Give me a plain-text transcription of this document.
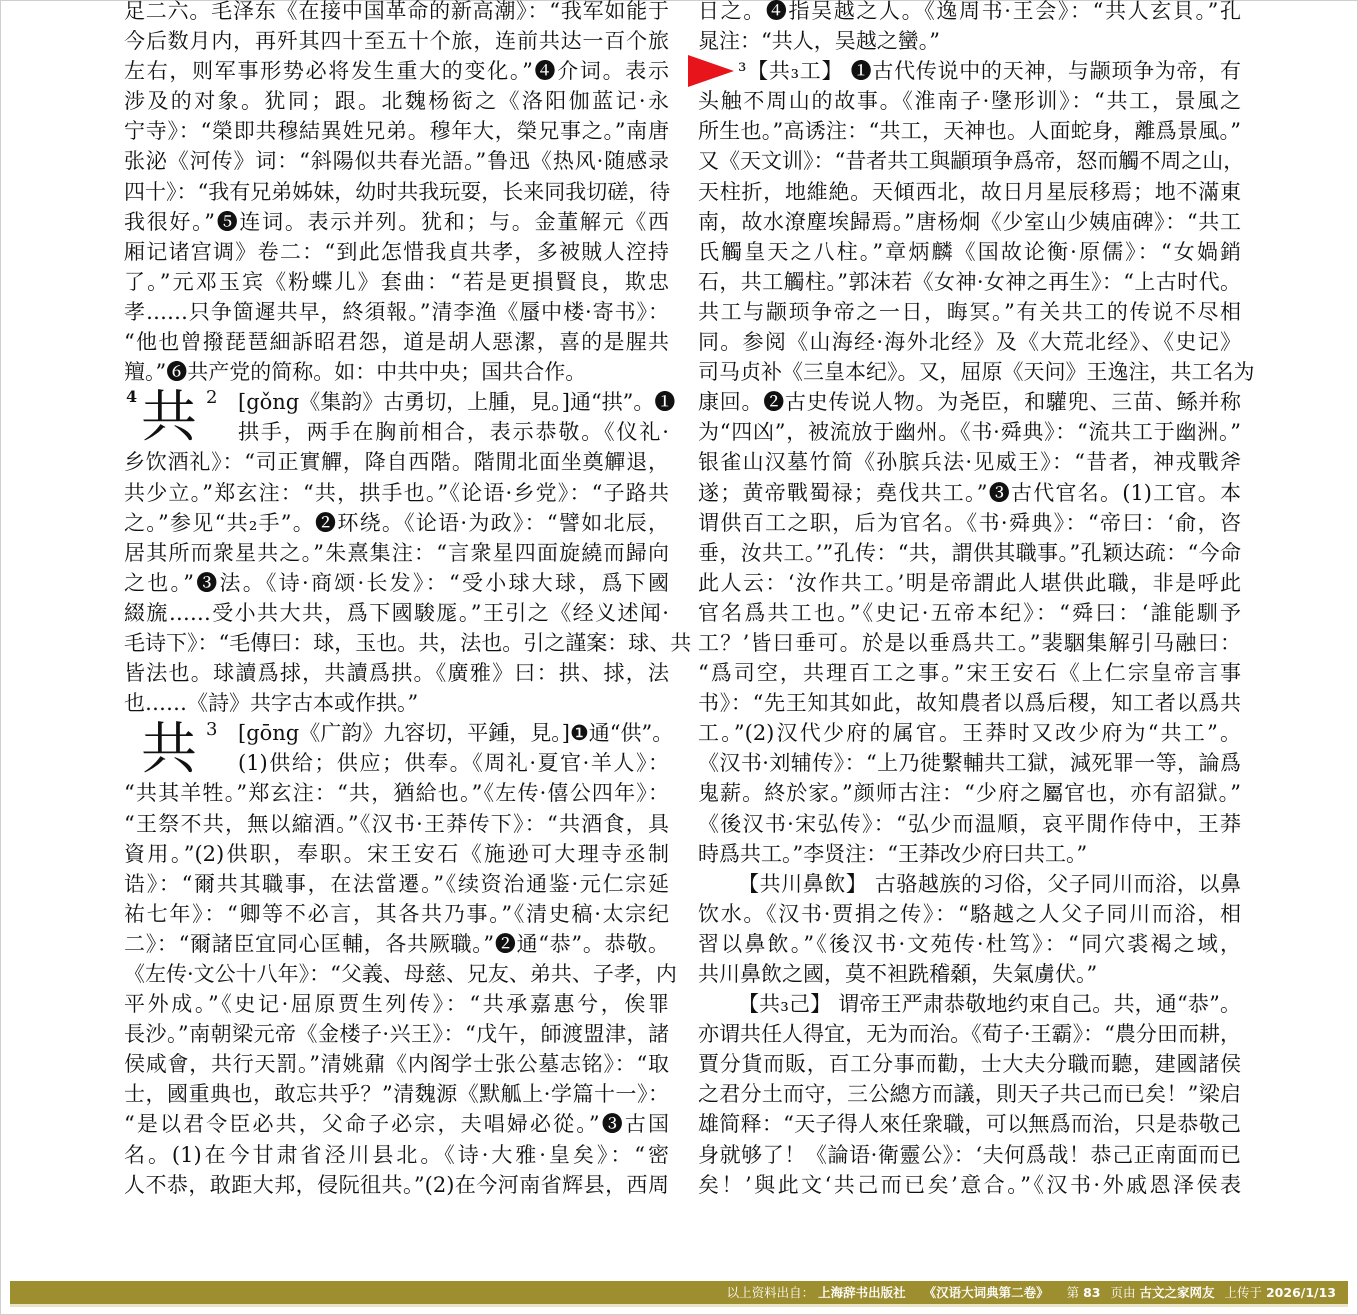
足二六。毛泽东《在接中国革命的新高潮》：“我军如能于
今后数月内，再歼其四十至五十个旅，连前共达一百个旅
左右，则军事形势必将发生重大的变化。”❹介词。表示
涉及的对象。犹同；跟。北魏杨衒之《洛阳伽蓝记·永
宁寺》：“榮即共穆結異姓兄弟。穆年大，榮兄事之。”南唐
张泌《河传》词：“斜陽似共春光語。”鲁迅《热风·随感录
四十》：“我有兄弟姊妹，幼时共我玩耍，长来同我切磋，待
我很好。”❺连词。表示并列。犹和；与。金董解元《西
厢记诸宫调》卷二：“到此怎惜我貞共孝，多被賊人涳持
了。”元邓玉宾《粉蝶儿》套曲：“若是更損賢良，欺忠
孝……只争箇遲共早，終須報。”清李渔《蜃中楼·寄书》：
“他也曾撥琵琶細訴昭君怨，道是胡人惡潔，喜的是腥共
羶。”❻共产党的简称。如：中共中央；国共合作。
[gǒng《集韵》古勇切，上腫，見。]通“拱”。❶
拱手，两手在胸前相合，表示恭敬。《仪礼·
乡饮酒礼》：“司正實觶，降自西階。階閒北面坐奠觶退，
共少立。”郑玄注：“共，拱手也。”《论语·乡党》：“子路共
之。”参见“共₂手”。❷环绕。《论语·为政》：“譬如北辰，
居其所而衆星共之。”朱熹集注：“言衆星四面旋繞而歸向
之也。”❸法。《诗·商颂·长发》：“受小球大球，爲下國
綴旒……受小共大共，爲下國駿厖。”王引之《经义述闻·
毛诗下》：“毛傳曰：球，玉也。共，法也。引之謹案：球、共
皆法也。球讀爲捄，共讀爲拱。《廣雅》曰：拱、捄，法
也……《詩》共字古本或作拱。”
[gōng《广韵》九容切，平鍾，見。]❶通“供”。
(1)供给；供应；供奉。《周礼·夏官·羊人》：
“共其羊牲。”郑玄注：“共，猶給也。”《左传·僖公四年》：
“王祭不共，無以縮酒。”《汉书·王莽传下》：“共酒食，具
資用。”(2)供职，奉职。宋王安石《施逊可大理寺丞制
诰》：“爾共其職事，在法當遷。”《续资治通鉴·元仁宗延
祐七年》：“卿等不必言，其各共乃事。”《清史稿·太宗纪
二》：“爾諸臣宜同心匡輔，各共厥職。”❷通“恭”。恭敬。
《左传·文公十八年》：“父義、母慈、兄友、弟共、子孝，内
平外成。”《史记·屈原贾生列传》：“共承嘉惠兮，俟罪
長沙。”南朝梁元帝《金楼子·兴王》：“戊午，師渡盟津，諸
侯咸會，共行天罰。”清姚鼐《内阁学士张公墓志铭》：“取
士，國重典也，敢忘共乎？”清魏源《默觚上·学篇十一》：
“是以君令臣必共，父命子必宗，夫唱婦必從。”❸古国
名。(1)在今甘肃省泾川县北。《诗·大雅·皇矣》：“密
人不恭，敢距大邦，侵阮徂共。”(2)在今河南省辉县，西周
日之。❹指吴越之人。《逸周书·王会》：“共人玄貝。”孔
晁注：“共人，吴越之蠻。”
³【共₃工】 ❶古代传说中的天神，与颛顼争为帝，有
头触不周山的故事。《淮南子·墬形训》：“共工，景風之
所生也。”高诱注：“共工，天神也。人面蛇身，離爲景風。”
又《天文训》：“昔者共工與顓頊争爲帝，怒而觸不周之山，
天柱折，地維絶。天傾西北，故日月星辰移焉；地不滿東
南，故水潦塵埃歸焉。”唐杨炯《少室山少姨庙碑》：“共工
氏觸皇天之八柱。”章炳麟《国故论衡·原儒》：“女媧銷
石，共工觸柱。”郭沫若《女神·女神之再生》：“上古时代。
共工与颛顼争帝之一日，晦冥。”有关共工的传说不尽相
同。参阅《山海经·海外北经》及《大荒北经》、《史记》
司马贞补《三皇本纪》。又，屈原《天问》王逸注，共工名为
康回。❷古史传说人物。为尧臣，和驩兜、三苗、鲧并称
为“四凶”，被流放于幽州。《书·舜典》：“流共工于幽洲。”
银雀山汉墓竹简《孙膑兵法·见威王》：“昔者，神戎戰斧
遂；黄帝戰蜀禄；堯伐共工。”❸古代官名。(1)工官。本
谓供百工之职，后为官名。《书·舜典》：“帝曰：‘俞，咨
垂，汝共工。’”孔传：“共，謂供其職事。”孔颖达疏：“今命
此人云：‘汝作共工。’明是帝謂此人堪供此職，非是呼此
官名爲共工也。”《史记·五帝本纪》：“舜曰：‘誰能馴予
工？’皆曰垂可。於是以垂爲共工。”裴駰集解引马融曰：
“爲司空，共理百工之事。”宋王安石《上仁宗皇帝言事
书》：“先王知其如此，故知農者以爲后稷，知工者以爲共
工。”(2)汉代少府的属官。王莽时又改少府为“共工”。
《汉书·刘辅传》：“上乃徙繫輔共工獄，減死罪一等，論爲
鬼薪。終於家。”颜师古注：“少府之屬官也，亦有詔獄。”
《後汉书·宋弘传》：“弘少而温順，哀平閒作侍中，王莽
時爲共工。”李贤注：“王莽改少府曰共工。”
【共川鼻飲】 古骆越族的习俗，父子同川而浴，以鼻
饮水。《汉书·贾捐之传》：“駱越之人父子同川而浴，相
習以鼻飲。”《後汉书·文苑传·杜笃》：“同穴裘褐之域，
共川鼻飲之國，莫不袒跣稽顙，失氣虜伏。”
【共₃己】 谓帝王严肃恭敬地约束自己。共，通“恭”。
亦谓共任人得宜，无为而治。《荀子·王霸》：“農分田而耕，
賈分貨而販，百工分事而勸，士大夫分職而聽，建國諸侯
之君分土而守，三公總方而議，則天子共己而已矣！”梁启
雄简释：“天子得人來任衆職，可以無爲而治，只是恭敬己
身就够了！《論语·衛靈公》：‘夫何爲哉！恭己正南面而已
矣！’與此文‘共己而已矣’意合。”《汉书·外戚恩泽侯表
4 共 2
共 3
以上资料出自： 上海辞书出版社 《汉语大词典第二卷》 第 83 页由 古文之家网友 上传于 2026/1/13
